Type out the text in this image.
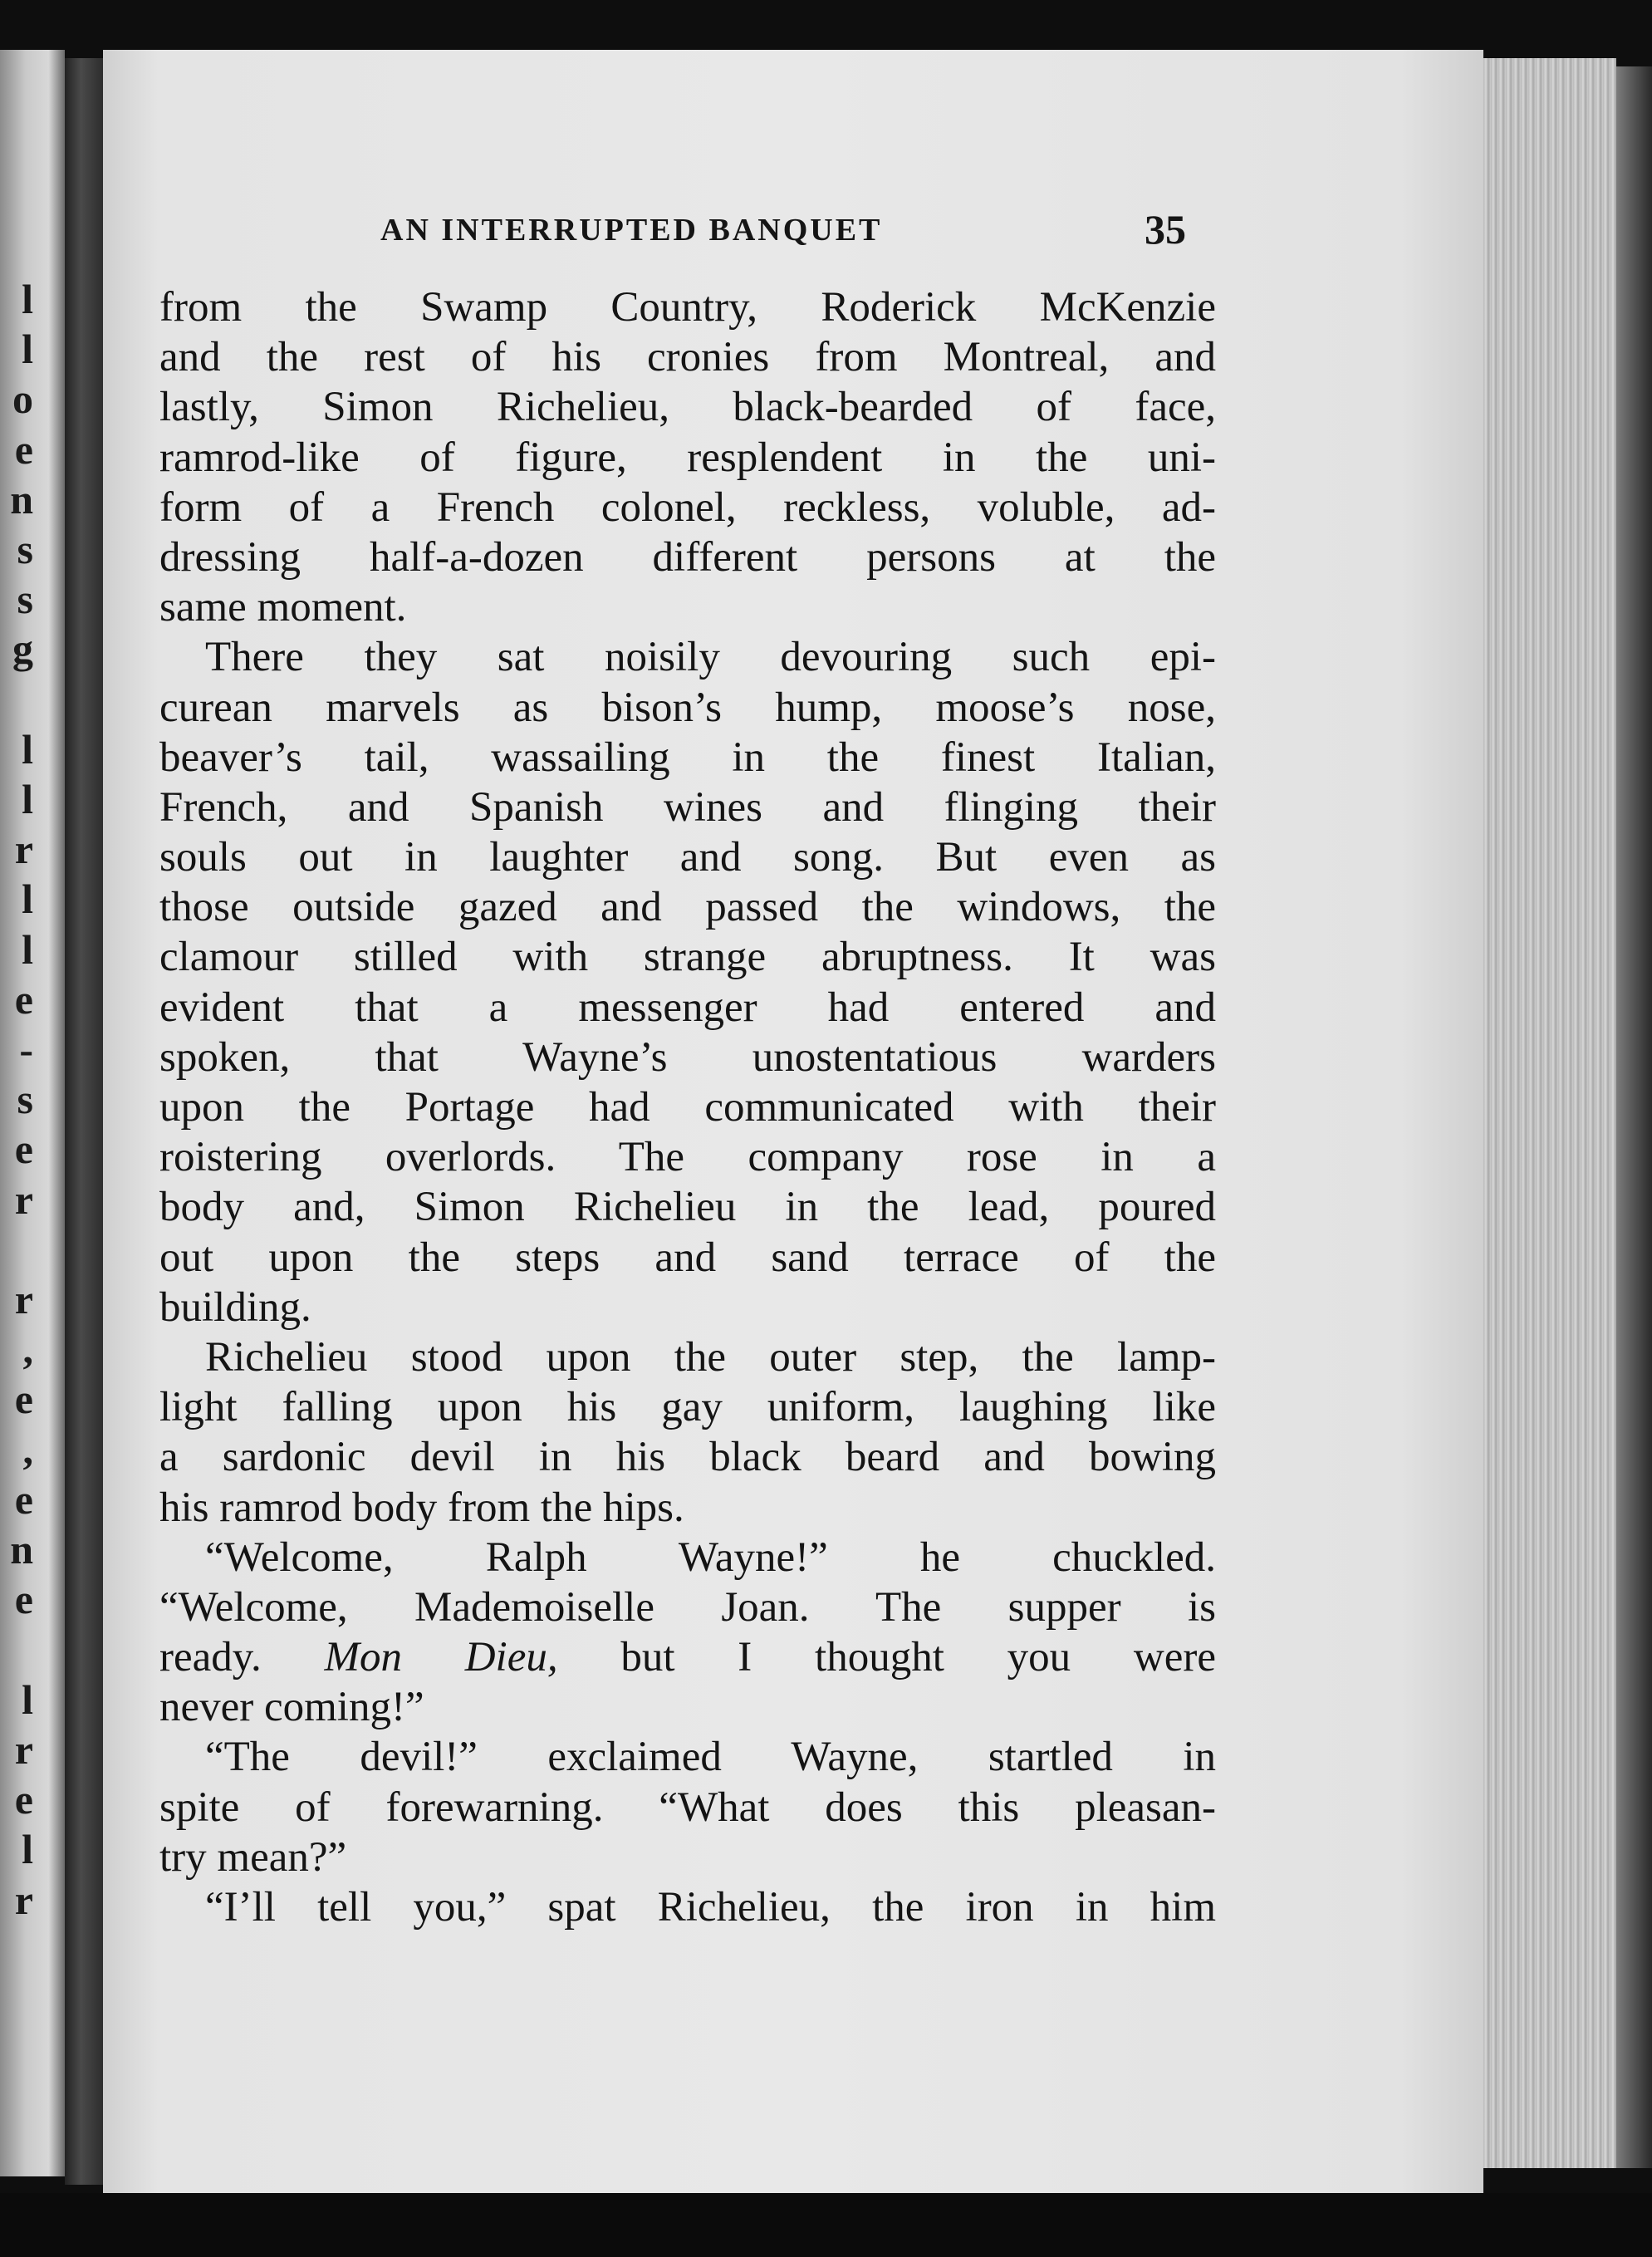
l
l
o
e
n
s
s
g

l
l
r
l
l
e
-
s
e
r

r
,
e
,
e
n
e

l
r
e
l
r
AN INTERRUPTED BANQUET	35
from the Swamp Country, Roderick McKenzie
and the rest of his cronies from Montreal, and
lastly, Simon Richelieu, black-bearded of face,
ramrod-like of figure, resplendent in the uni-
form of a French colonel, reckless, voluble, ad-
dressing half-a-dozen different persons at the
same moment.
There they sat noisily devouring such epi-
curean marvels as bison’s hump, moose’s nose,
beaver’s tail, wassailing in the finest Italian,
French, and Spanish wines and flinging their
souls out in laughter and song. But even as
those outside gazed and passed the windows, the
clamour stilled with strange abruptness. It was
evident that a messenger had entered and
spoken, that Wayne’s unostentatious warders
upon the Portage had communicated with their
roistering overlords. The company rose in a
body and, Simon Richelieu in the lead, poured
out upon the steps and sand terrace of the
building.
Richelieu stood upon the outer step, the lamp-
light falling upon his gay uniform, laughing like
a sardonic devil in his black beard and bowing
his ramrod body from the hips.
“Welcome, Ralph Wayne!” he chuckled.
“Welcome, Mademoiselle Joan. The supper is
ready. Mon Dieu, but I thought you were
never coming!”
“The devil!” exclaimed Wayne, startled in
spite of forewarning. “What does this pleasan-
try mean?”
“I’ll tell you,” spat Richelieu, the iron in him
